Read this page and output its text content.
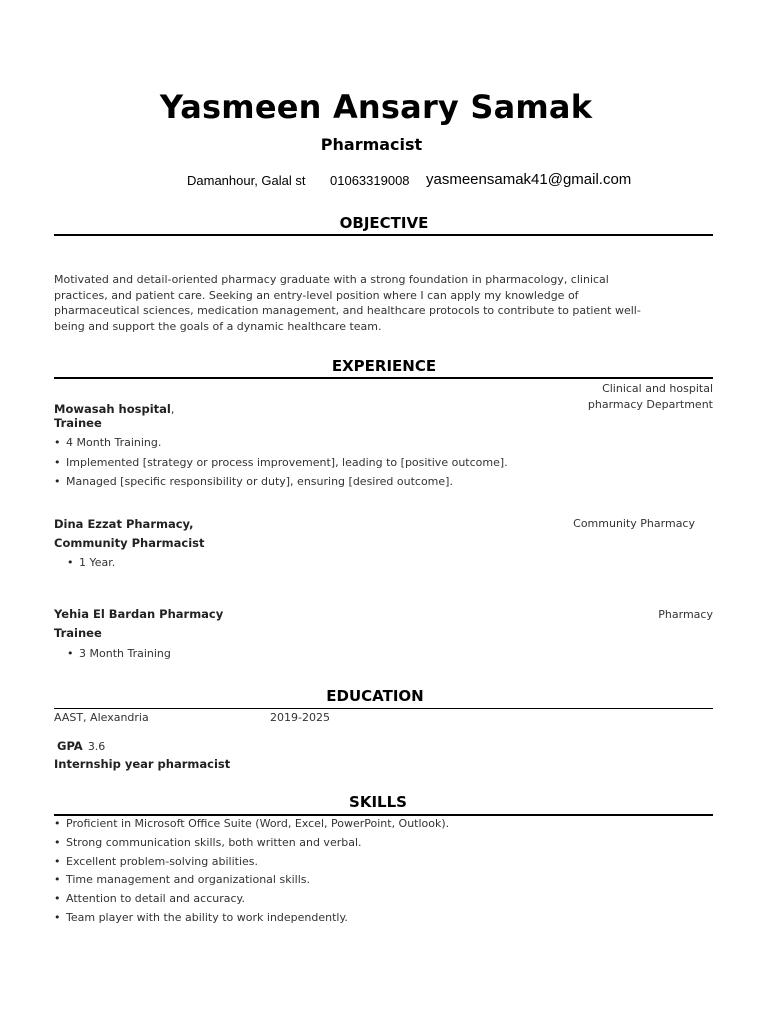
Yasmeen Ansary Samak
Pharmacist
Damanhour, Galal st 01063319008 yasmeensamak41@gmail.com
OBJECTIVE
Motivated and detail-oriented pharmacy graduate with a strong foundation in pharmacology, clinical practices, and patient care. Seeking an entry-level position where I can apply my knowledge of pharmaceutical sciences, medication management, and healthcare protocols to contribute to patient well-being and support the goals of a dynamic healthcare team.
EXPERIENCE
Clinical and hospital
pharmacy Department
Mowasah hospital,
Trainee
• 4 Month Training.
• Implemented [strategy or process improvement], leading to [positive outcome].
• Managed [specific responsibility or duty], ensuring [desired outcome].
Dina Ezzat Pharmacy,	Community Pharmacy
Community Pharmacist
• 1 Year.
Yehia El Bardan Pharmacy	Pharmacy
Trainee
• 3 Month Training
EDUCATION
AAST, Alexandria	2019-2025
GPA 3.6
Internship year pharmacist
SKILLS
• Proficient in Microsoft Office Suite (Word, Excel, PowerPoint, Outlook).
• Strong communication skills, both written and verbal.
• Excellent problem-solving abilities.
• Time management and organizational skills.
• Attention to detail and accuracy.
• Team player with the ability to work independently.
